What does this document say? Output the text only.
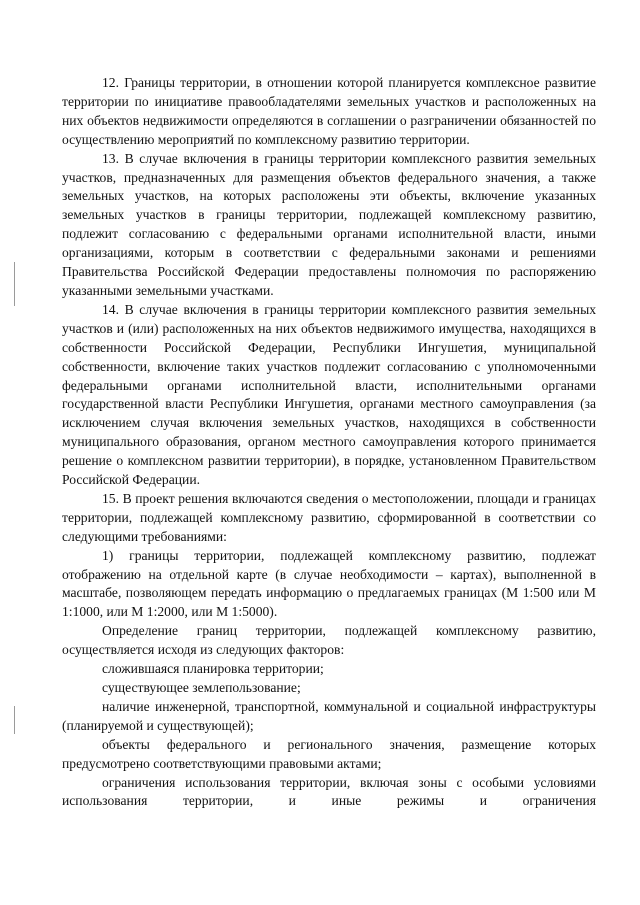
12. Границы территории, в отношении которой планируется комплексное развитие территории по инициативе правообладателями земельных участков и расположенных на них объектов недвижимости определяются в соглашении о разграничении обязанностей по осуществлению мероприятий по комплексному развитию территории.

13. В случае включения в границы территории комплексного развития земельных участков, предназначенных для размещения объектов федерального значения, а также земельных участков, на которых расположены эти объекты, включение указанных земельных участков в границы территории, подлежащей комплексному развитию, подлежит согласованию с федеральными органами исполнительной власти, иными организациями, которым в соответствии с федеральными законами и решениями Правительства Российской Федерации предоставлены полномочия по распоряжению указанными земельными участками.

14. В случае включения в границы территории комплексного развития земельных участков и (или) расположенных на них объектов недвижимого имущества, находящихся в собственности Российской Федерации, Республики Ингушетия, муниципальной собственности, включение таких участков подлежит согласованию с уполномоченными федеральными органами исполнительной власти, исполнительными органами государственной власти Республики Ингушетия, органами местного самоуправления (за исключением случая включения земельных участков, находящихся в собственности муниципального образования, органом местного самоуправления которого принимается решение о комплексном развитии территории), в порядке, установленном Правительством Российской Федерации.

15. В проект решения включаются сведения о местоположении, площади и границах территории, подлежащей комплексному развитию, сформированной в соответствии со следующими требованиями:

1) границы территории, подлежащей комплексному развитию, подлежат отображению на отдельной карте (в случае необходимости – картах), выполненной в масштабе, позволяющем передать информацию о предлагаемых границах (М 1:500 или М 1:1000, или М 1:2000, или М 1:5000).

Определение границ территории, подлежащей комплексному развитию, осуществляется исходя из следующих факторов:

сложившаяся планировка территории;

существующее землепользование;

наличие инженерной, транспортной, коммунальной и социальной инфраструктуры (планируемой и существующей);

объекты федерального и регионального значения, размещение которых предусмотрено соответствующими правовыми актами;

ограничения использования территории, включая зоны с особыми условиями использования территории, и иные режимы и ограничения
